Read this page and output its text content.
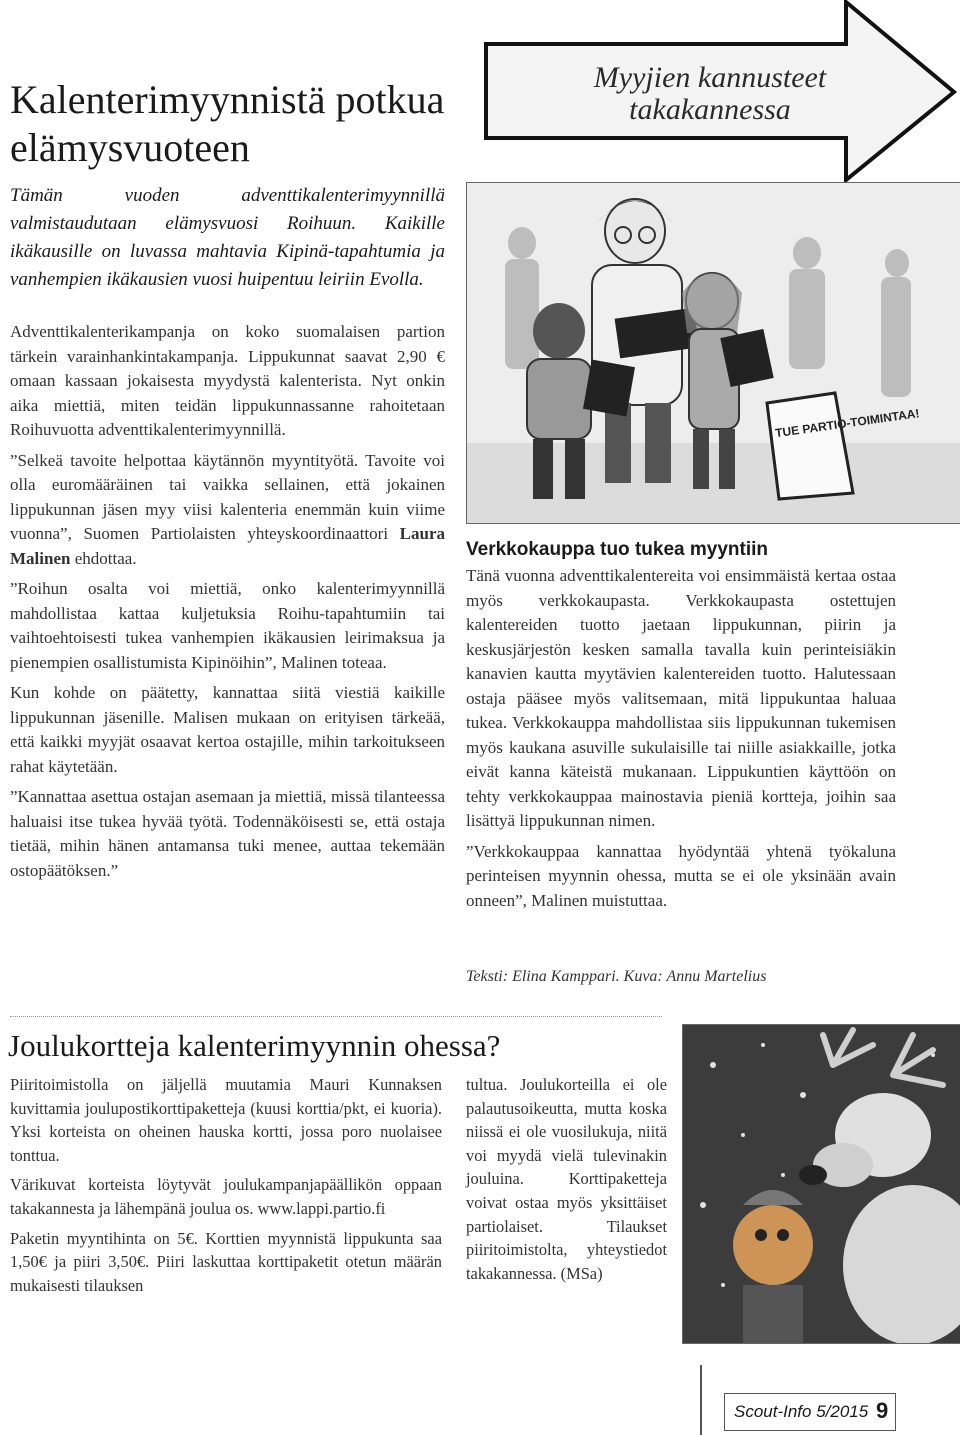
Kalenterimyynnistä potkua elämysvuoteen
Tämän vuoden adventtikalenterimyynnillä valmistaudutaan elämysvuosi Roihuun. Kaikille ikäkausille on luvassa mahtavia Kipinä-tapahtumia ja vanhempien ikäkausien vuosi huipentuu leiriin Evolla.

Adventtikalenterikampanja on koko suomalaisen partion tärkein varainhankintakampanja. Lippukunnat saavat 2,90 € omaan kassaan jokaisesta myydystä kalenterista. Nyt onkin aika miettiä, miten teidän lippukunnassanne rahoitetaan Roihuvuotta adventtikalenterimyynnillä.

”Selkeä tavoite helpottaa käytännön myyntityötä. Tavoite voi olla euromääräinen tai vaikka sellainen, että jokainen lippukunnan jäsen myy viisi kalenteria enemmän kuin viime vuonna”, Suomen Partiolaisten yhteyskoordinaattori Laura Malinen ehdottaa.

”Roihun osalta voi miettiä, onko kalenterimyynnillä mahdollistaa kattaa kuljetuksia Roihu-tapahtumiin tai vaihtoehtoisesti tukea vanhempien ikäkausien leirimaksua ja pienempien osallistumista Kipinöihin”, Malinen toteaa.

Kun kohde on päätetty, kannattaa siitä viestiä kaikille lippukunnan jäsenille. Malisen mukaan on erityisen tärkeää, että kaikki myyjät osaavat kertoa ostajille, mihin tarkoitukseen rahat käytetään.

”Kannattaa asettua ostajan asemaan ja miettiä, missä tilanteessa haluaisi itse tukea hyvää työtä. Todennäköisesti se, että ostaja tietää, mihin hänen antamansa tuki menee, auttaa tekemään ostopäätöksen.”

Myyjien kannusteet takakannessa
TUE PARTIO-TOIMINTAA!
Verkkokauppa tuo tukea myyntiin

Tänä vuonna adventtikalentereita voi ensimmäistä kertaa ostaa myös verkkokaupasta. Verkkokaupasta ostettujen kalentereiden tuotto jaetaan lippukunnan, piirin ja keskusjärjestön kesken samalla tavalla kuin perinteisiäkin kanavien kautta myytävien kalentereiden tuotto. Halutessaan ostaja pääsee myös valitsemaan, mitä lippukuntaa haluaa tukea. Verkkokauppa mahdollistaa siis lippukunnan tukemisen myös kaukana asuville sukulaisille tai niille asiakkaille, jotka eivät kanna käteistä mukanaan. Lippukuntien käyttöön on tehty verkkokauppaa mainostavia pieniä kortteja, joihin saa lisättyä lippukunnan nimen.

”Verkkokauppaa kannattaa hyödyntää yhtenä työkaluna perinteisen myynnin ohessa, mutta se ei ole yksinään avain onneen”, Malinen muistuttaa.

Teksti: Elina Kamppari. Kuva: Annu Martelius
Joulukortteja kalenterimyynnin ohessa?

Piiritoimistolla on jäljellä muutamia Mauri Kunnaksen kuvittamia joulupostikorttipaketteja (kuusi korttia/pkt, ei kuoria). Yksi korteista on oheinen hauska kortti, jossa poro nuolaisee tonttua.

Värikuvat korteista löytyvät joulukampanjapäällikön oppaan takakannesta ja lähempänä joulua os. www.lappi.partio.fi

Paketin myyntihinta on 5€. Korttien myynnistä lippukunta saa 1,50€ ja piiri 3,50€. Piiri laskuttaa korttipaketit otetun määrän mukaisesti tilauksen

tultua. Joulukorteilla ei ole palautusoikeutta, mutta koska niissä ei ole vuosilukuja, niitä voi myydä vielä tulevinakin jouluina. Korttipaketteja voivat ostaa myös yksittäiset partiolaiset. Tilaukset piiritoimistolta, yhteystiedot takakannessa. (MSa)

Scout-Info 5/2015 9
